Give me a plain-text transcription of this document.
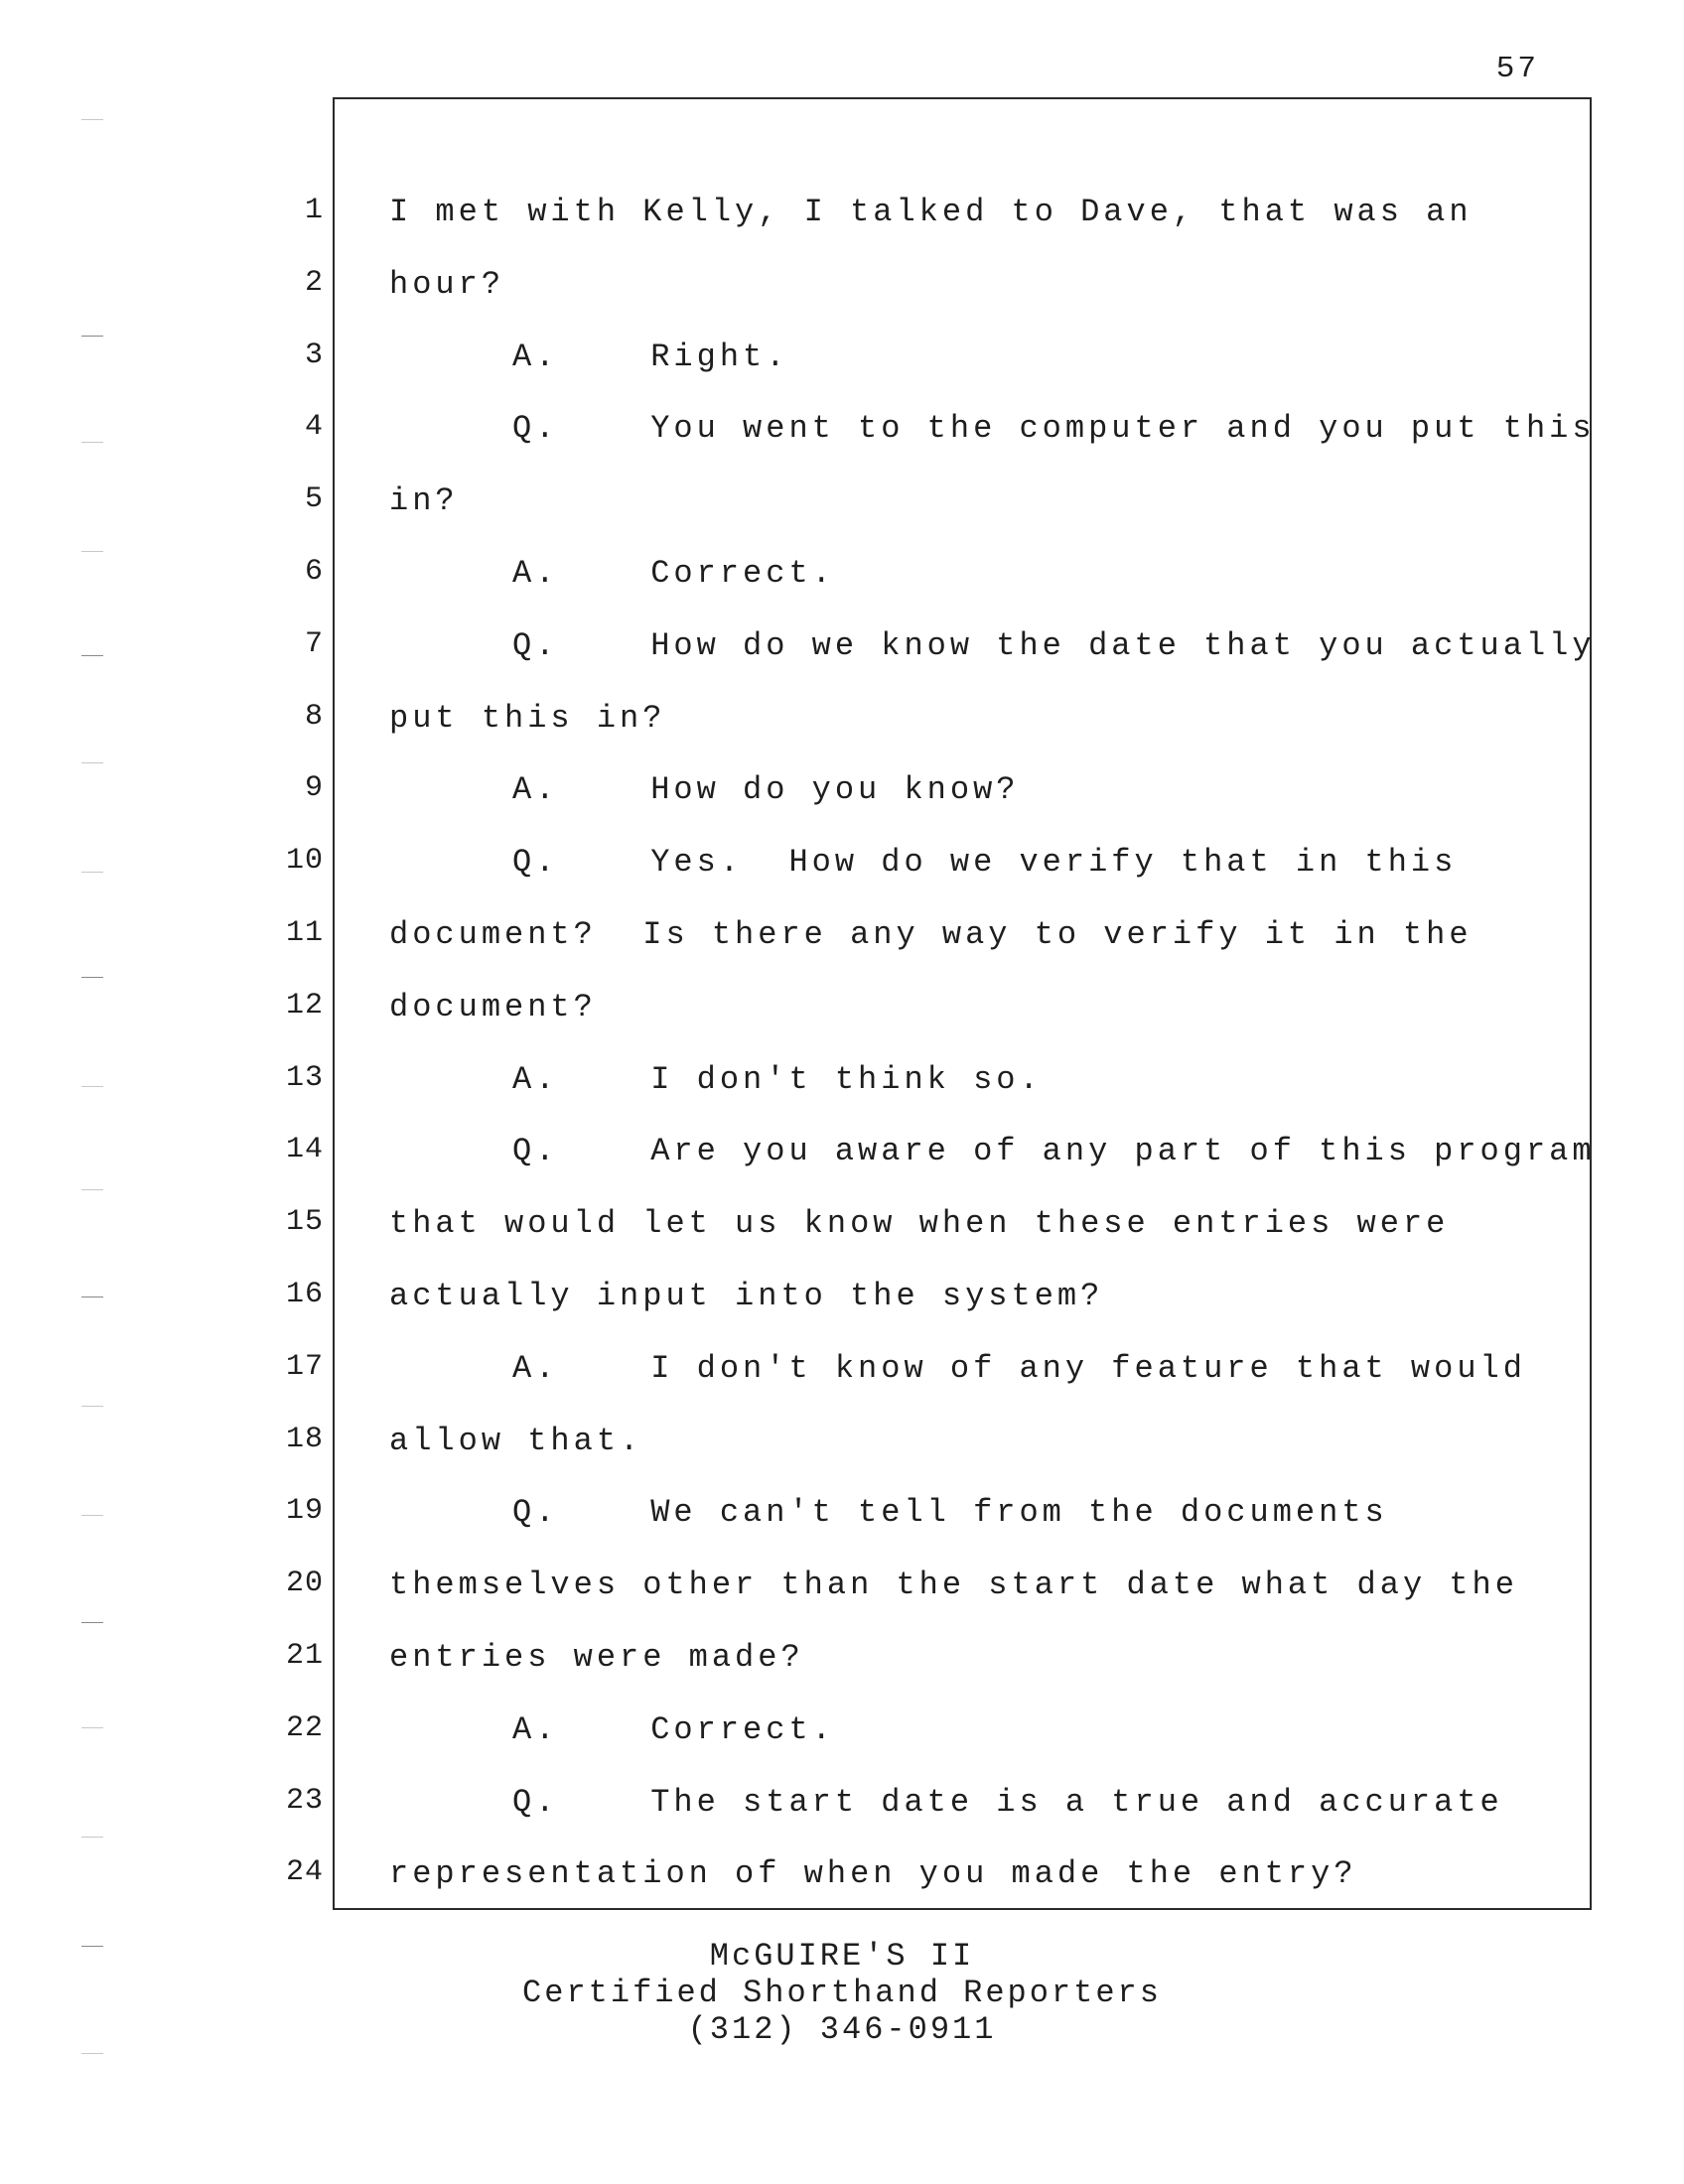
57
1 I met with Kelly, I talked to Dave, that was an
2 hour?
3	A.    Right.
4	Q.    You went to the computer and you put this
5 in?
6	A.    Correct.
7	Q.    How do we know the date that you actually
8 put this in?
9	A.    How do you know?
10	Q.    Yes.  How do we verify that in this
11 document?  Is there any way to verify it in the
12 document?
13	A.    I don't think so.
14	Q.    Are you aware of any part of this program
15 that would let us know when these entries were
16 actually input into the system?
17	A.    I don't know of any feature that would
18 allow that.
19	Q.    We can't tell from the documents
20 themselves other than the start date what day the
21 entries were made?
22	A.    Correct.
23	Q.    The start date is a true and accurate
24 representation of when you made the entry?
McGUIRE'S II
Certified Shorthand Reporters
(312) 346-0911
